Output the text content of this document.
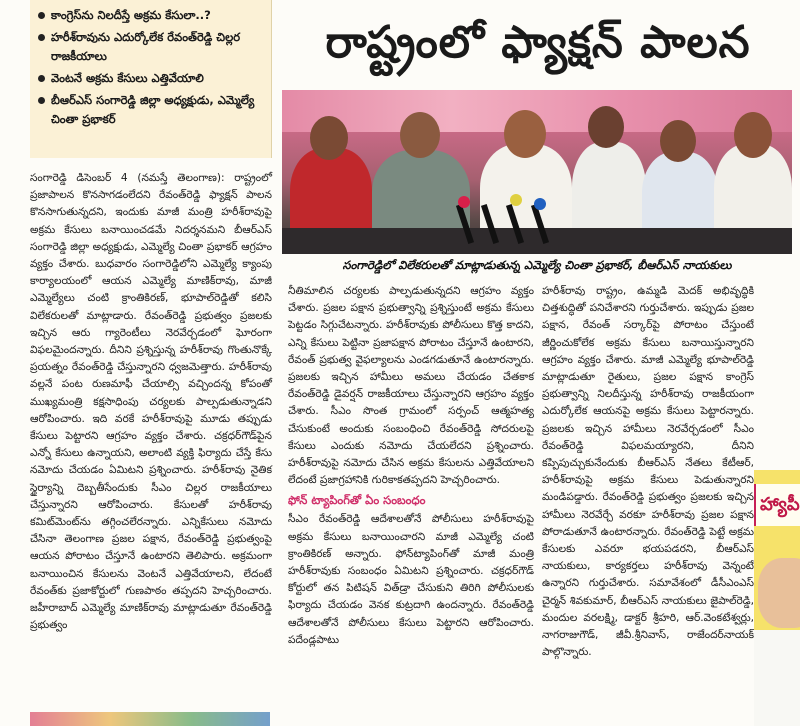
కాంగ్రెస్‌ను నిలదీస్తే అక్రమ కేసులా..?
హరీశ్‌రావును ఎదుర్కోలేక రేవంత్‌రెడ్డి చిల్లర రాజకీయాలు
వెంటనే అక్రమ కేసులు ఎత్తివేయాలి
బీఆర్‌ఎస్ సంగారెడ్డి జిల్లా అధ్యక్షుడు, ఎమ్మెల్యే చింతా ప్రభాకర్
రాష్ట్రంలో ఫ్యాక్షన్ పాలన
సంగారెడ్డిలో విలేకరులతో మాట్లాడుతున్న ఎమ్మెల్యే చింతా ప్రభాకర్, బీఆర్‌ఎస్ నాయకులు

సంగారెడ్డి డిసెంబర్ 4 (నమస్తే తెలంగాణ): రాష్ట్రంలో ప్రజాపాలన కొనసాగడంలేదని రేవంత్‌రెడ్డి ఫ్యాక్షన్ పాలన కొనసాగుతున్నదని, ఇందుకు మాజీ మంత్రి హరీశ్‌రావుపై అక్రమ కేసులు బనాయించడమే నిదర్శనమని బీఆర్‌ఎస్ సంగారెడ్డి జిల్లా అధ్యక్షుడు, ఎమ్మెల్యే చింతా ప్రభాకర్ ఆగ్రహం వ్యక్తం చేశారు. బుధవారం సంగారెడ్డిలోని ఎమ్మెల్యే క్యాంపు కార్యాలయంలో ఆయన ఎమ్మెల్యే మాణిక్‌రావు, మాజీ ఎమ్మెల్యేలు చంటి క్రాంతికిరణ్, భూపాల్‌రెడ్డితో కలిసి విలేకరులతో మాట్లాడారు. రేవంత్‌రెడ్డి ప్రభుత్వం ప్రజలకు ఇచ్చిన ఆరు గ్యారెంటీలు నెరవేర్చడంలో ఘోరంగా విఫలమైందన్నారు. దీనిని ప్రశ్నిస్తున్న హరీశ్‌రావు గొంతునొక్కే ప్రయత్నం రేవంత్‌రెడ్డి చేస్తున్నారని ధ్వజమెత్తారు. హరీశ్‌రావు వల్లనే పంట రుణమాఫీ చేయాల్సి వచ్చిందన్న కోపంతో ముఖ్యమంత్రి కక్షసాధింపు చర్యలకు పాల్పడుతున్నాడని ఆరోపించారు. ఇది వరకే హరీశ్‌రావుపై మూడు తప్పుడు కేసులు పెట్టారని ఆగ్రహం వ్యక్తం చేశారు. చక్రధర్‌గౌడ్‌పైన ఎన్నో కేసులు ఉన్నాయని, అలాంటి వ్యక్తి ఫిర్యాదు చేస్తే కేసు నమోదు చేయడం ఏమిటని ప్రశ్నించారు. హరీశ్‌రావు నైతిక స్థైర్యాన్ని దెబ్బతీసేందుకు సీఎం చిల్లర రాజకీయాలు చేస్తున్నారని ఆరోపించారు. కేసులతో హరీశ్‌రావు కమిట్‌మెంట్‌ను తగ్గించలేరన్నారు. ఎన్నికేసులు నమోదు చేసినా తెలంగాణ ప్రజల పక్షాన, రేవంత్‌రెడ్డి ప్రభుత్వంపై ఆయన పోరాటం చేస్తూనే ఉంటారని తెలిపారు. అక్రమంగా బనాయించిన కేసులను వెంటనే ఎత్తివేయాలని, లేదంటే రేవంత్‌కు ప్రజాకోర్టులో గుణపాఠం తప్పదని హెచ్చరించారు. జహీరాబాద్ ఎమ్మెల్యే మాణిక్‌రావు మాట్లాడుతూ రేవంత్‌రెడ్డి ప్రభుత్వం

నీతిమాలిన చర్యలకు పాల్పడుతున్నదని ఆగ్రహం వ్యక్తం చేశారు. ప్రజల పక్షాన ప్రభుత్వాన్ని ప్రశ్నిస్తుంటే అక్రమ కేసులు పెట్టడం సిగ్గుచేటన్నారు. హరీశ్‌రావుకు పోలీసులు కొత్త కాదని, ఎన్ని కేసులు పెట్టినా ప్రజాపక్షాన పోరాటం చేస్తూనే ఉంటారని, రేవంత్ ప్రభుత్వ వైఫల్యాలను ఎండగడుతూనే ఉంటారన్నారు. ప్రజలకు ఇచ్చిన హామీలు అమలు చేయడం చేతకాక రేవంత్‌రెడ్డి డైవర్షన్ రాజకీయాలు చేస్తున్నారని ఆగ్రహం వ్యక్తం చేశారు. సీఎం సొంత గ్రామంలో సర్పంచ్ ఆత్మహత్య చేసుకుంటే అందుకు సంబంధించి రేవంత్‌రెడ్డి సోదరులపై కేసులు ఎందుకు నమోదు చేయలేదని ప్రశ్నించారు. హరీశ్‌రావుపై నమోదు చేసిన అక్రమ కేసులను ఎత్తివేయాలని లేదంటే ప్రజాగ్రహానికి గురికాకతప్పదని హెచ్చరించారు.

ఫోన్ ట్యాపింగ్‌తో ఏం సంబంధం

సీఎం రేవంత్‌రెడ్డి ఆదేశాలతోనే పోలీసులు హరీశ్‌రావుపై అక్రమ కేసులు బనాయించారని మాజీ ఎమ్మెల్యే చంటి క్రాంతికిరణ్ అన్నారు. ఫోన్‌ట్యాపింగ్‌తో మాజీ మంత్రి హరీశ్‌రావుకు సంబంధం ఏమిటని ప్రశ్నించారు. చక్రధర్‌గౌడ్ కోర్టులో తన పిటిషన్ విత్‌డ్రా చేసుకుని తిరిగి పోలీసులకు ఫిర్యాదు చేయడం వెనక కుట్రదాగి ఉందన్నారు. రేవంత్‌రెడ్డి ఆదేశాలతోనే పోలీసులు కేసులు పెట్టారని ఆరోపించారు. పదేండ్లపాటు

హరీశ్‌రావు రాష్ట్రం, ఉమ్మడి మెదక్ అభివృద్ధికి చిత్తశుద్ధితో పనిచేశారని గుర్తుచేశారు. ఇప్పుడు ప్రజల పక్షాన, రేవంత్ సర్కార్‌పై పోరాటం చేస్తుంటే జీర్ణించుకోలేక అక్రమ కేసులు బనాయిస్తున్నారని ఆగ్రహం వ్యక్తం చేశారు. మాజీ ఎమ్మెల్యే భూపాల్‌రెడ్డి మాట్లాడుతూ రైతులు, ప్రజల పక్షాన కాంగ్రెస్ ప్రభుత్వాన్ని నిలదీస్తున్న హరీశ్‌రావు రాజకీయంగా ఎదుర్కోలేక ఆయనపై అక్రమ కేసులు పెట్టారన్నారు. ప్రజలకు ఇచ్చిన హామీలు నెరవేర్చడంలో సీఎం రేవంత్‌రెడ్డి విఫలమయ్యారని, దీనిని కప్పిపుచ్చుకునేందుకు బీఆర్‌ఎస్ నేతలు కేటీఆర్, హరీశ్‌రావుపై అక్రమ కేసులు పెడుతున్నారని మండిపడ్డారు. రేవంత్‌రెడ్డి ప్రభుత్వం ప్రజలకు ఇచ్చిన హామీలు నెరవేర్చే వరకూ హరీశ్‌రావు ప్రజల పక్షాన పోరాడుతూనే ఉంటారన్నారు. రేవంత్‌రెడ్డి పెట్టే అక్రమ కేసులకు ఎవరూ భయపడరని, బీఆర్‌ఎస్ నాయకులు, కార్యకర్తలు హరీశ్‌రావు వెన్నంటే ఉన్నారని గుర్తుచేశారు. సమావేశంలో డీసీఎంఎస్ చైర్మన్ శివకుమార్, బీఆర్‌ఎస్ నాయకులు జైపాల్‌రెడ్డి, మందుల వరలక్ష్మి, డాక్టర్ శ్రీహరి, ఆర్.వెంకటేశ్వర్లు, నాగరాజుగౌడ్, జీవీ.శ్రీనివాస్, రాజేందర్‌నాయక్ పాల్గొన్నారు.

హ్యాపీ
